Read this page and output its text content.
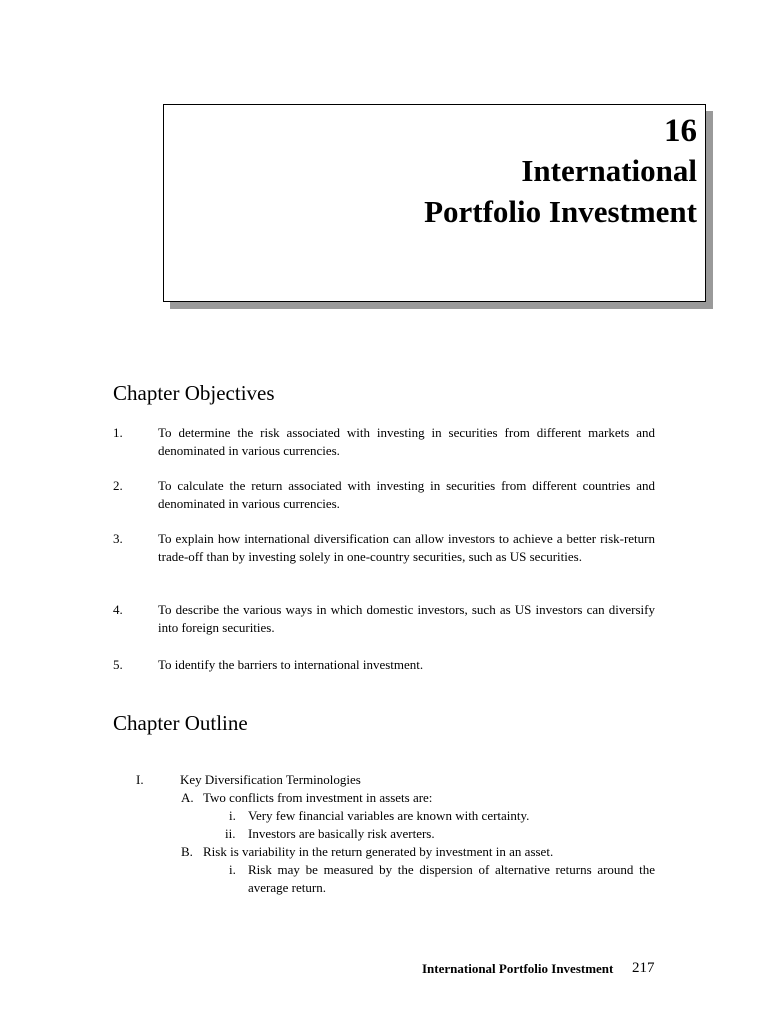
16
International
Portfolio Investment
Chapter Objectives
1.	To determine the risk associated with investing in securities from different markets and denominated in various currencies.
2.	To calculate the return associated with investing in securities from different countries and denominated in various currencies.
3.	To explain how international diversification can allow investors to achieve a better risk-return trade-off than by investing solely in one-country securities, such as US securities.
4.	To describe the various ways in which domestic investors, such as US investors can diversify into foreign securities.
5.	To identify the barriers to international investment.
Chapter Outline
I.	Key Diversification Terminologies
A. Two conflicts from investment in assets are:
i. Very few financial variables are known with certainty.
ii. Investors are basically risk averters.
B. Risk is variability in the return generated by investment in an asset.
i. Risk may be measured by the dispersion of alternative returns around the average return.
International Portfolio Investment 217
